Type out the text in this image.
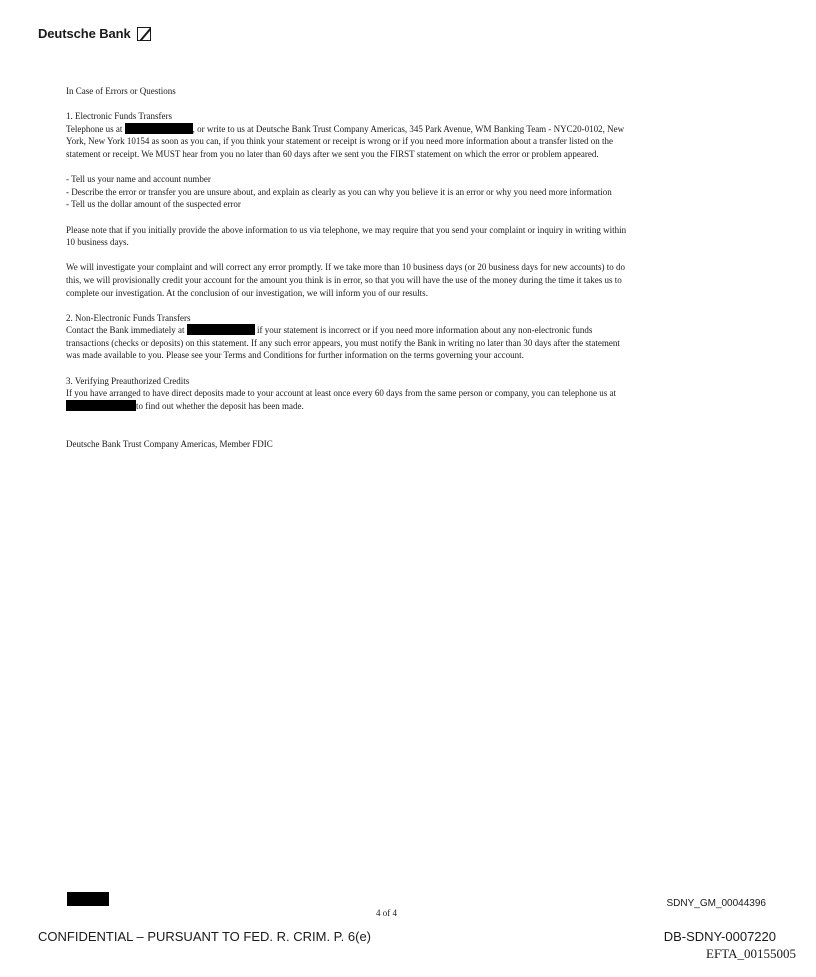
Deutsche Bank

In Case of Errors or Questions

1. Electronic Funds Transfers

Telephone us at	, or write to us at Deutsche Bank Trust Company Americas, 345 Park Avenue, WM Banking Team - NYC20-0102, New York, New York 10154 as soon as you can, if you think your statement or receipt is wrong or if you need more information about a transfer listed on the statement or receipt. We MUST hear from you no later than 60 days after we sent you the FIRST statement on which the error or problem appeared.

- Tell us your name and account number

- Describe the error or transfer you are unsure about, and explain as clearly as you can why you believe it is an error or why you need more information

- Tell us the dollar amount of the suspected error

Please note that if you initially provide the above information to us via telephone, we may require that you send your complaint or inquiry in writing within 10 business days.

We will investigate your complaint and will correct any error promptly. If we take more than 10 business days (or 20 business days for new accounts) to do this, we will provisionally credit your account for the amount you think is in error, so that you will have the use of the money during the time it takes us to complete our investigation. At the conclusion of our investigation, we will inform you of our results.

2. Non-Electronic Funds Transfers

Contact the Bank immediately at	if your statement is incorrect or if you need more information about any non-electronic funds transactions (checks or deposits) on this statement. If any such error appears, you must notify the Bank in writing no later than 30 days after the statement was made available to you. Please see your Terms and Conditions for further information on the terms governing your account.

3. Verifying Preauthorized Credits

If you have arranged to have direct deposits made to your account at least once every 60 days from the same person or company, you can telephone us at to find out whether the deposit has been made.

Deutsche Bank Trust Company Americas, Member FDIC

4 of 4
SDNY_GM_00044396
CONFIDENTIAL – PURSUANT TO FED. R. CRIM. P. 6(e)	DB-SDNY-0007220
EFTA_00155005
